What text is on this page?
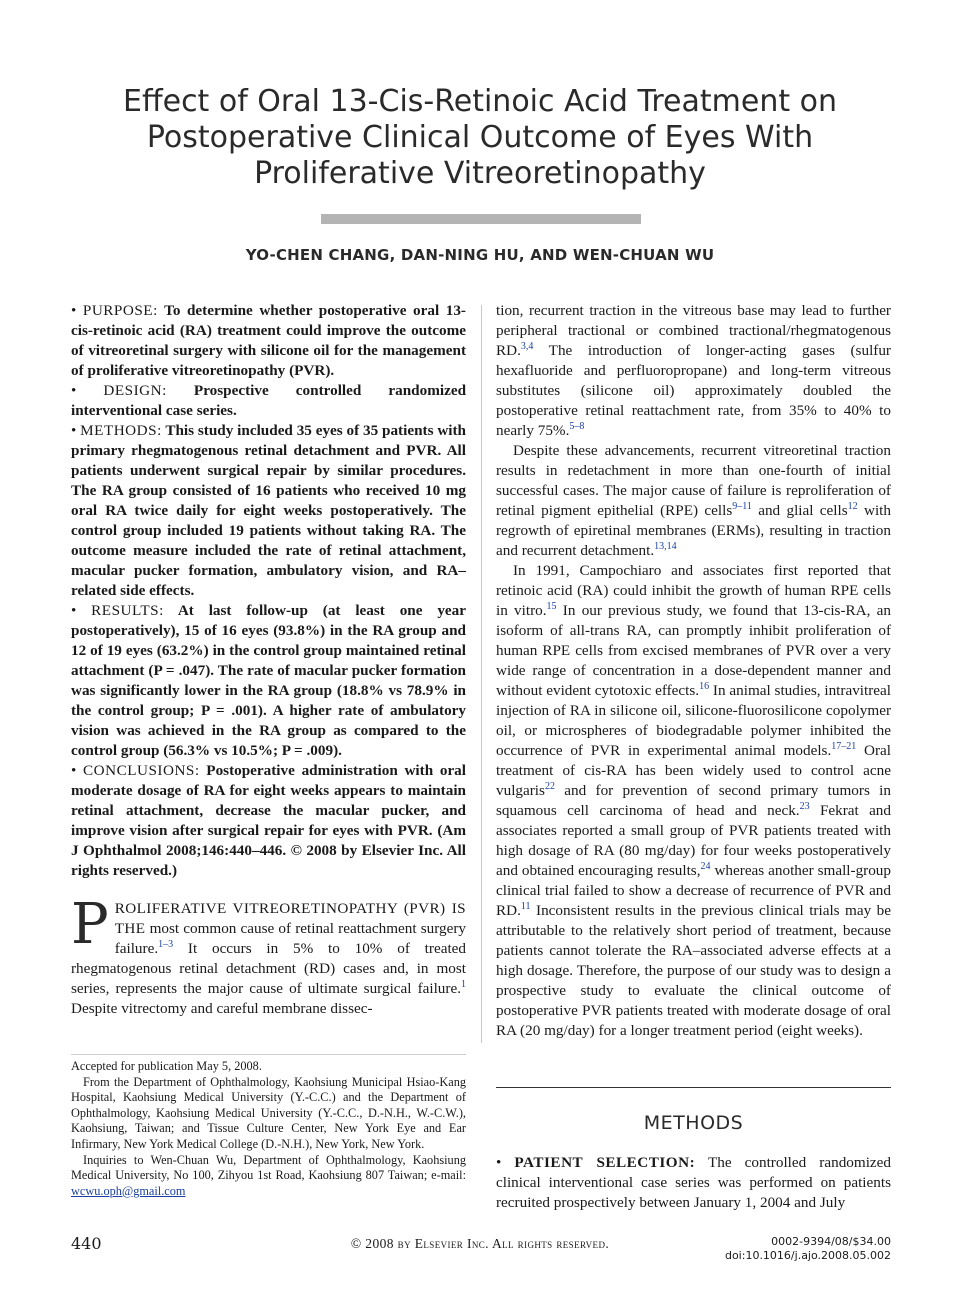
Effect of Oral 13-Cis-Retinoic Acid Treatment on
Postoperative Clinical Outcome of Eyes With
Proliferative Vitreoretinopathy
YO-CHEN CHANG, DAN-NING HU, AND WEN-CHUAN WU

• PURPOSE: To determine whether postoperative oral 13-cis-retinoic acid (RA) treatment could improve the outcome of vitreoretinal surgery with silicone oil for the management of proliferative vitreoretinopathy (PVR).

• DESIGN: Prospective controlled randomized interventional case series.

• METHODS: This study included 35 eyes of 35 patients with primary rhegmatogenous retinal detachment and PVR. All patients underwent surgical repair by similar procedures. The RA group consisted of 16 patients who received 10 mg oral RA twice daily for eight weeks postoperatively. The control group included 19 patients without taking RA. The outcome measure included the rate of retinal attachment, macular pucker formation, ambulatory vision, and RA–related side effects.

• RESULTS: At last follow-up (at least one year postoperatively), 15 of 16 eyes (93.8%) in the RA group and 12 of 19 eyes (63.2%) in the control group maintained retinal attachment (P = .047). The rate of macular pucker formation was significantly lower in the RA group (18.8% vs 78.9% in the control group; P = .001). A higher rate of ambulatory vision was achieved in the RA group as compared to the control group (56.3% vs 10.5%; P = .009).

• CONCLUSIONS: Postoperative administration with oral moderate dosage of RA for eight weeks appears to maintain retinal attachment, decrease the macular pucker, and improve vision after surgical repair for eyes with PVR. (Am J Ophthalmol 2008;146:440–446. © 2008 by Elsevier Inc. All rights reserved.)

P ROLIFERATIVE VITREORETINOPATHY (PVR) IS THE most common cause of retinal reattachment surgery failure.$^{1-3}$ It occurs in 5% to 10% of treated rhegmatogenous retinal detachment (RD) cases and, in most series, represents the major cause of ultimate surgical failure.$^1$ Despite vitrectomy and careful membrane dissec-

Accepted for publication May 5, 2008.

From the Department of Ophthalmology, Kaohsiung Municipal Hsiao-Kang Hospital, Kaohsiung Medical University (Y.-C.C.) and the Department of Ophthalmology, Kaohsiung Medical University (Y.-C.C., D.-N.H., W.-C.W.), Kaohsiung, Taiwan; and Tissue Culture Center, New York Eye and Ear Infirmary, New York Medical College (D.-N.H.), New York, New York.

Inquiries to Wen-Chuan Wu, Department of Ophthalmology, Kaohsiung Medical University, No 100, Zihyou 1st Road, Kaohsiung 807 Taiwan; e-mail: wcwu.oph@gmail.com

tion, recurrent traction in the vitreous base may lead to further peripheral tractional or combined tractional/rhegmatogenous RD.$^{3,4}$ The introduction of longer-acting gases (sulfur hexafluoride and perfluoropropane) and long-term vitreous substitutes (silicone oil) approximately doubled the postoperative retinal reattachment rate, from 35% to 40% to nearly 75%.$^{5-8}$

Despite these advancements, recurrent vitreoretinal traction results in redetachment in more than one-fourth of initial successful cases. The major cause of failure is reproliferation of retinal pigment epithelial (RPE) cells$^{9-11}$ and glial cells$^{12}$ with regrowth of epiretinal membranes (ERMs), resulting in traction and recurrent detachment.$^{13,14}$

In 1991, Campochiaro and associates first reported that retinoic acid (RA) could inhibit the growth of human RPE cells in vitro.$^{15}$ In our previous study, we found that 13-cis-RA, an isoform of all-trans RA, can promptly inhibit proliferation of human RPE cells from excised membranes of PVR over a very wide range of concentration in a dose-dependent manner and without evident cytotoxic effects.$^{16}$ In animal studies, intravitreal injection of RA in silicone oil, silicone-fluorosilicone copolymer oil, or microspheres of biodegradable polymer inhibited the occurrence of PVR in experimental animal models.$^{17-21}$ Oral treatment of cis-RA has been widely used to control acne vulgaris$^{22}$ and for prevention of second primary tumors in squamous cell carcinoma of head and neck.$^{23}$ Fekrat and associates reported a small group of PVR patients treated with high dosage of RA (80 mg/day) for four weeks postoperatively and obtained encouraging results,$^{24}$ whereas another small-group clinical trial failed to show a decrease of recurrence of PVR and RD.$^{11}$ Inconsistent results in the previous clinical trials may be attributable to the relatively short period of treatment, because patients cannot tolerate the RA–associated adverse effects at a high dosage. Therefore, the purpose of our study was to design a prospective study to evaluate the clinical outcome of postoperative PVR patients treated with moderate dosage of oral RA (20 mg/day) for a longer treatment period (eight weeks).

METHODS

• PATIENT SELECTION: The controlled randomized clinical interventional case series was performed on patients recruited prospectively between January 1, 2004 and July

440	© 2008 by Elsevier Inc. All rights reserved.	0002-9394/08/$34.00
doi:10.1016/j.ajo.2008.05.002
